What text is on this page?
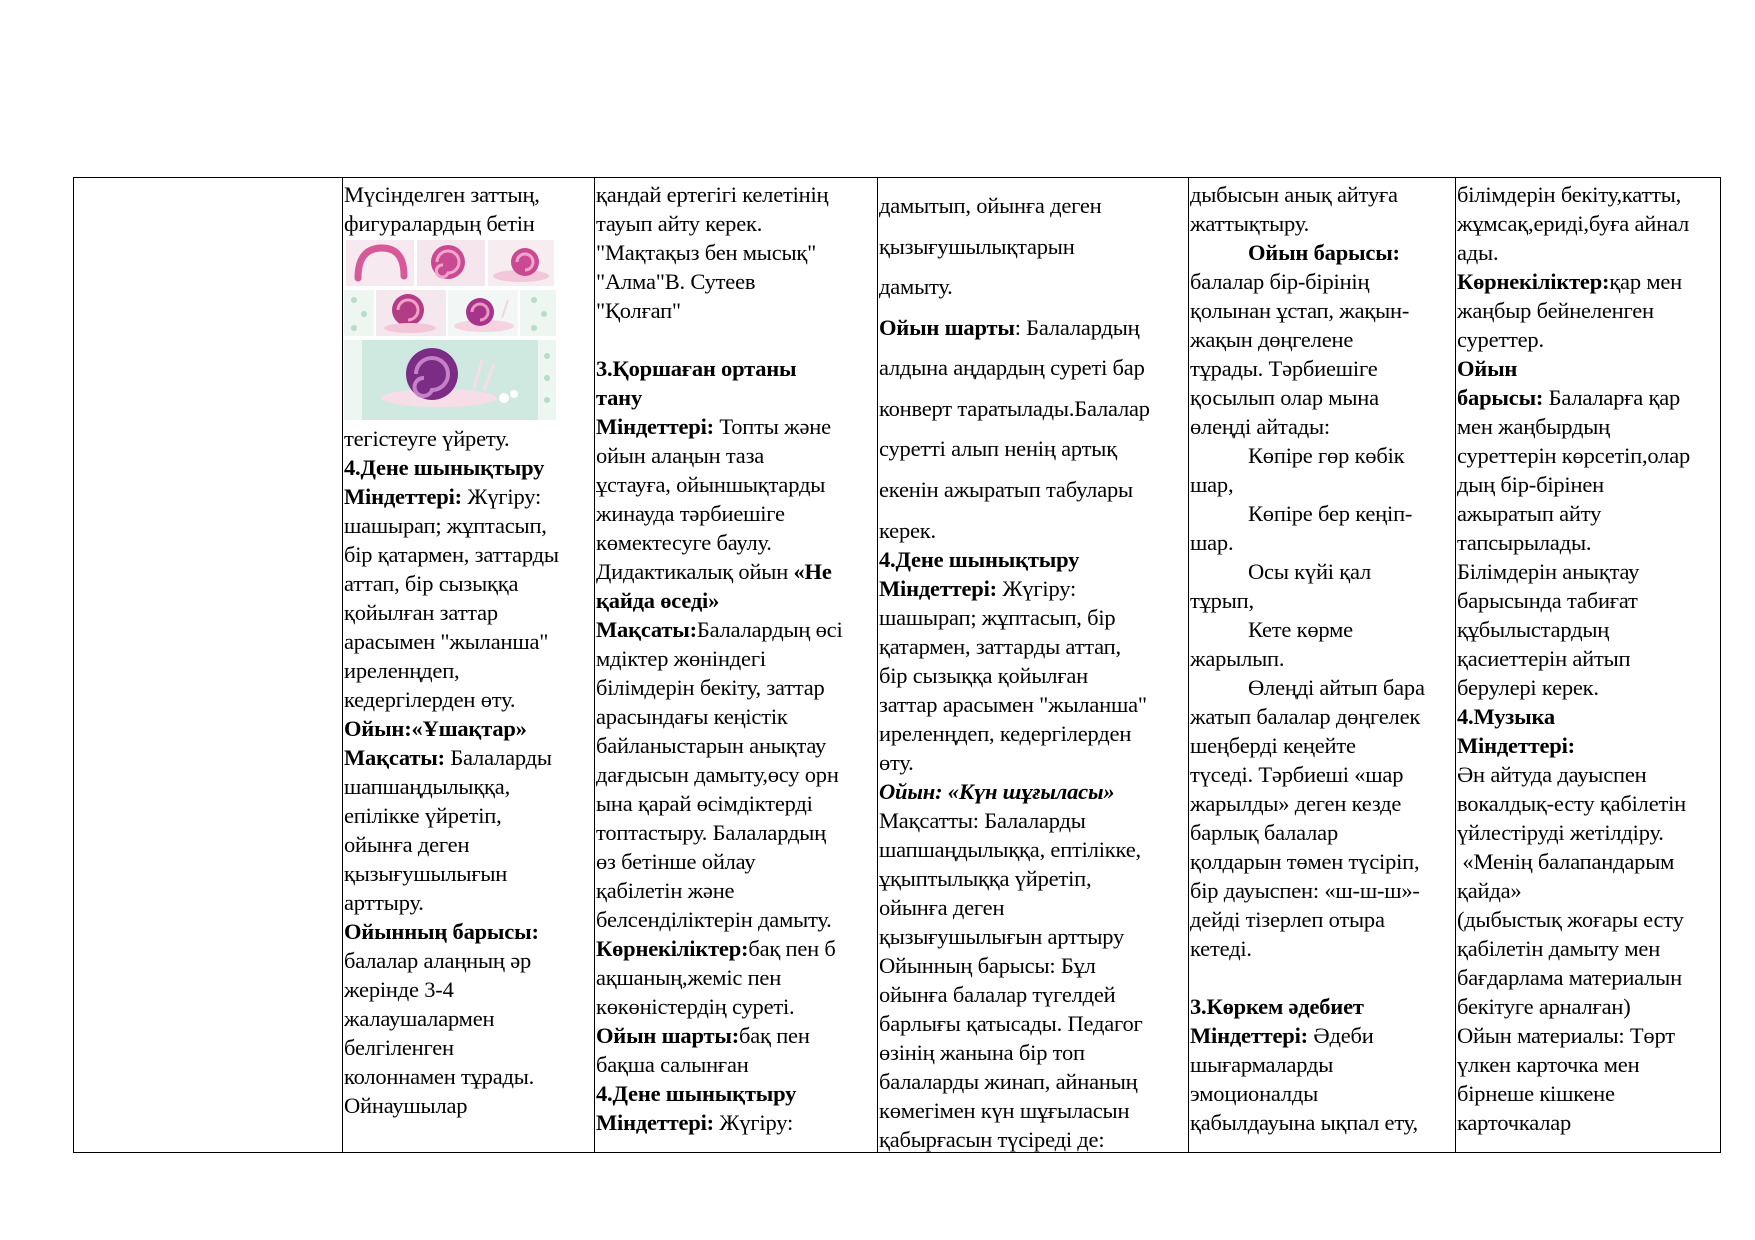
Мүсінделген заттың,

фигуралардың бетін

тегістеуге үйрету.

4.Дене шынықтыру

Міндеттері: Жүгіру:

шашырап; жұптасып,

бір қатармен, заттарды

аттап, бір сызыққа

қойылған заттар

арасымен "жыланша"

иреленңдеп,

кедергілерден өту.

Ойын:«Ұшақтар»

Мақсаты: Балаларды

шапшаңдылыққа,

епілікке үйретіп,

ойынға деген

қызығушылығын

арттыру.

Ойынның барысы:

балалар алаңның әр

жерінде 3-4

жалаушалармен

белгіленген

колоннамен тұрады.

Ойнаушылар

қандай ертегігі келетінің

тауып айту керек.

"Мақтақыз бен мысық"

"Алма"В. Сутеев

"Қолғап"

3.Қоршаған ортаны

тану

Міндеттері: Топты және

ойын алаңын таза

ұстауға, ойыншықтарды

жинауда тәрбиешіге

көмектесуге баулу.

Дидактикалық ойын «Не

қайда өседі»

Мақсаты:Балалардың өсі

мдіктер жөніндегі

білімдерін бекіту, заттар

арасындағы кеңістік

байланыстарын анықтау

дағдысын дамыту,өсу орн

ына қарай өсімдіктерді

топтастыру. Балалардың

өз бетінше ойлау

қабілетін және

белсенділіктерін дамыту.

Көрнекіліктер:бақ пен б

ақшаның,жеміс пен

көкөністердің суреті.

Ойын шарты:бақ пен

бақша салынған

4.Дене шынықтыру

Міндеттері: Жүгіру:

дамытып, ойынға деген

қызығушылықтарын

дамыту.

Ойын шарты: Балалардың

алдына аңдардың суреті бар

конверт таратылады.Балалар

суретті алып ненің артық

екенін ажыратып табулары

керек.

4.Дене шынықтыру

Міндеттері: Жүгіру:

шашырап; жұптасып, бір

қатармен, заттарды аттап,

бір сызыққа қойылған

заттар арасымен "жыланша"

иреленңдеп, кедергілерден

өту.

Ойын: «Күн шұғыласы»

Мақсатты: Балаларды

шапшаңдылыққа, ептілікке,

ұқыптылыққа үйретіп,

ойынға деген

қызығушылығын арттыру

Ойынның барысы: Бұл

ойынға балалар түгелдей

барлығы қатысады. Педагог

өзінің жанына бір топ

балаларды жинап, айнаның

көмегімен күн шұғыласын

қабырғасын түсіреді де:

дыбысын анық айтуға

жаттықтыру.

Ойын барысы:

балалар бір-бірінің

қолынан ұстап, жақын-

жақын дөңгелене

тұрады. Тәрбиешіге

қосылып олар мына

өлеңді айтады:

Көпіре гөр көбік

шар,

Көпіре бер кеңіп-

шар.

Осы күйі қал

тұрып,

Кете көрме

жарылып.

Өлеңді айтып бара

жатып балалар дөңгелек

шеңберді кеңейте

түседі. Тәрбиеші «шар

жарылды» деген кезде

барлық балалар

қолдарын төмен түсіріп,

бір дауыспен: «ш-ш-ш»-

дейді тізерлеп отыра

кетеді.

3.Көркем әдебиет

Міндеттері: Әдеби

шығармаларды

эмоционалды

қабылдауына ықпал ету,

білімдерін бекіту,катты,

жұмсақ,ериді,буға айнал

ады.

Көрнекіліктер:қар мен

жаңбыр бейнеленген

суреттер.

Ойын

барысы: Балаларға қар

мен жаңбырдың

суреттерін көрсетіп,олар

дың бір-бірінен

ажыратып айту

тапсырылады.

Білімдерін анықтау

барысында табиғат

құбылыстардың

қасиеттерін айтып

берулері керек.

4.Музыка

Міндеттері:

Ән айтуда дауыспен

вокалдық-есту қабілетін

үйлестіруді жетілдіру.

«Менің балапандарым

қайда»

(дыбыстық жоғары есту

қабілетін дамыту мен

бағдарлама материалын

бекітуге арналған)

Ойын материалы: Төрт

үлкен карточка мен

бірнеше кішкене

карточкалар
